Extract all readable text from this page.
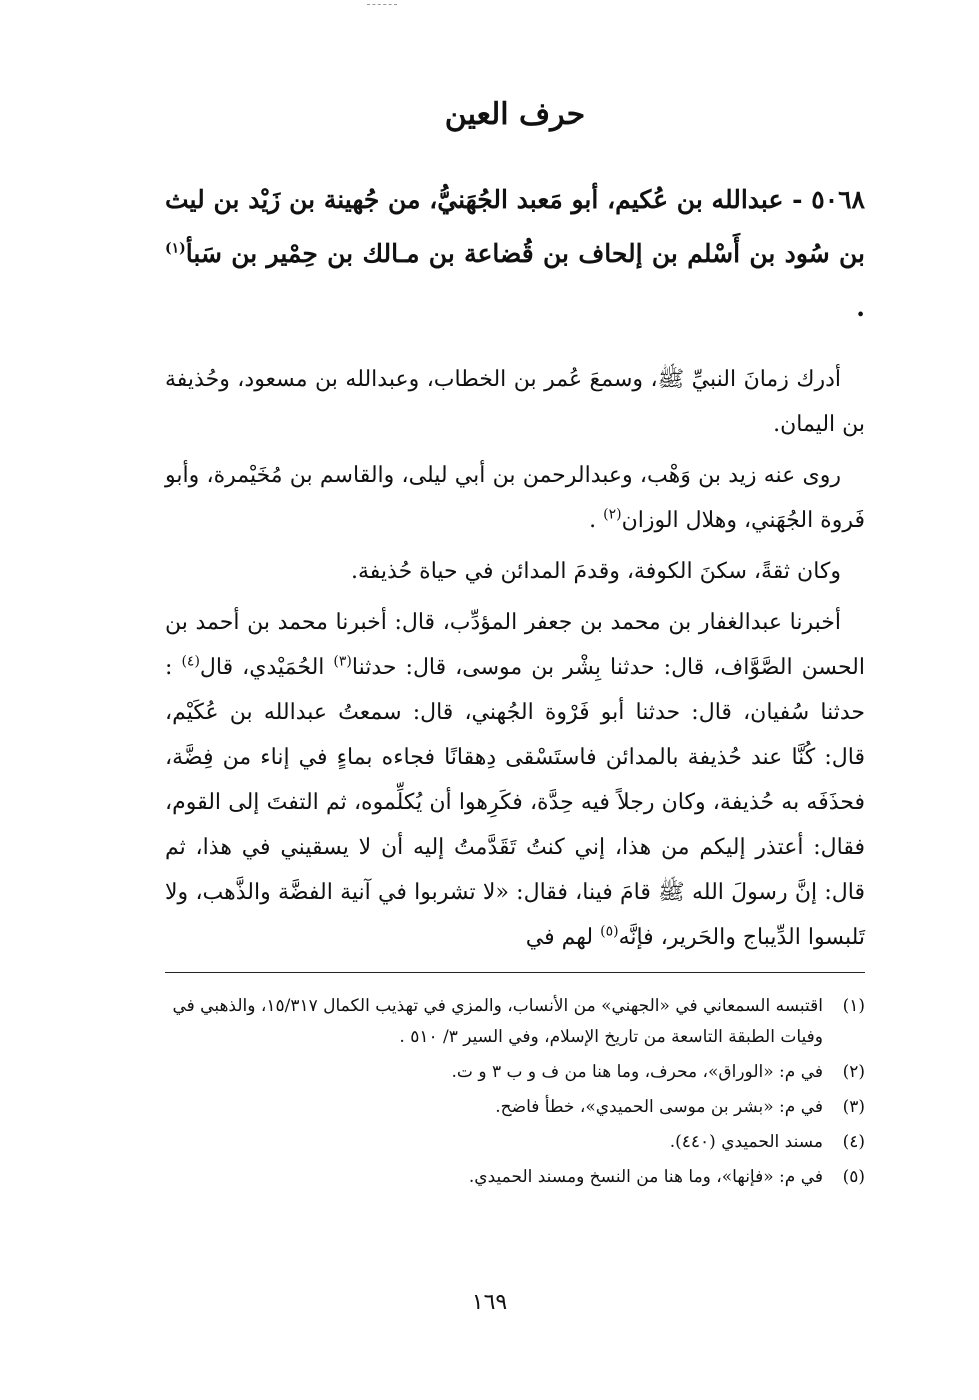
حرف العين

٥٠٦٨ - عبدالله بن عُكيم، أبو مَعبد الجُهَنيُّ، من جُهينة بن زَيْد بن ليث بن سُود بن أَسْلم بن إلحاف بن قُضاعة بن مـالك بن حِمْير بن سَبأ$^{(١)}$ .

أدرك زمانَ النبيِّ ﷺ، وسمعَ عُمر بن الخطاب، وعبدالله بن مسعود، وحُذيفة بن اليمان.

روى عنه زيد بن وَهْب، وعبدالرحمن بن أبي ليلى، والقاسم بن مُخَيْمرة، وأبو فَروة الجُهَني، وهلال الوزان$^{(٢)}$ .

وكان ثقةً، سكنَ الكوفة، وقدمَ المدائن في حياة حُذيفة.

أخبرنا عبدالغفار بن محمد بن جعفر المؤدِّب، قال: أخبرنا محمد بن أحمد بن الحسن الصَّوَّاف، قال: حدثنا بِشْر بن موسى، قال: حدثنا$^{(٣)}$ الحُمَيْدي، قال$^{(٤)}$ : حدثنا سُفيان، قال: حدثنا أبو فَرْوة الجُهني، قال: سمعتُ عبدالله بن عُكَيْم، قال: كُنَّا عند حُذيفة بالمدائن فاستَسْقى دِهقانًا فجاءه بماءٍ في إناء من فِضَّة، فحذَفَه به حُذيفة، وكان رجلاً فيه حِدَّة، فكَرِهوا أن يُكلِّموه، ثم التفتَ إلى القوم، فقال: أعتذر إليكم من هذا، إني كنتُ تَقَدَّمتُ إليه أن لا يسقيني في هذا، ثم قال: إنَّ رسولَ الله ﷺ قامَ فينا، فقال: «لا تشربوا في آنية الفضَّة والذَّهب، ولا تَلبسوا الدِّيباج والحَرير، فإنَّه$^{(٥)}$ لهم في

(١)
اقتبسه السمعاني في «الجهني» من الأنساب، والمزي في تهذيب الكمال ١٥/٣١٧، والذهبي في وفيات الطبقة التاسعة من تاريخ الإسلام، وفي السير ٣/ ٥١٠ .
(٢)
في م: «الوراق»، محرف، وما هنا من ف و ب ٣ و ت.
(٣)
في م: «بشر بن موسى الحميدي»، خطأ فاضح.
(٤)
مسند الحميدي (٤٤٠).
(٥)
في م: «فإنها»، وما هنا من النسخ ومسند الحميدي.
١٦٩
